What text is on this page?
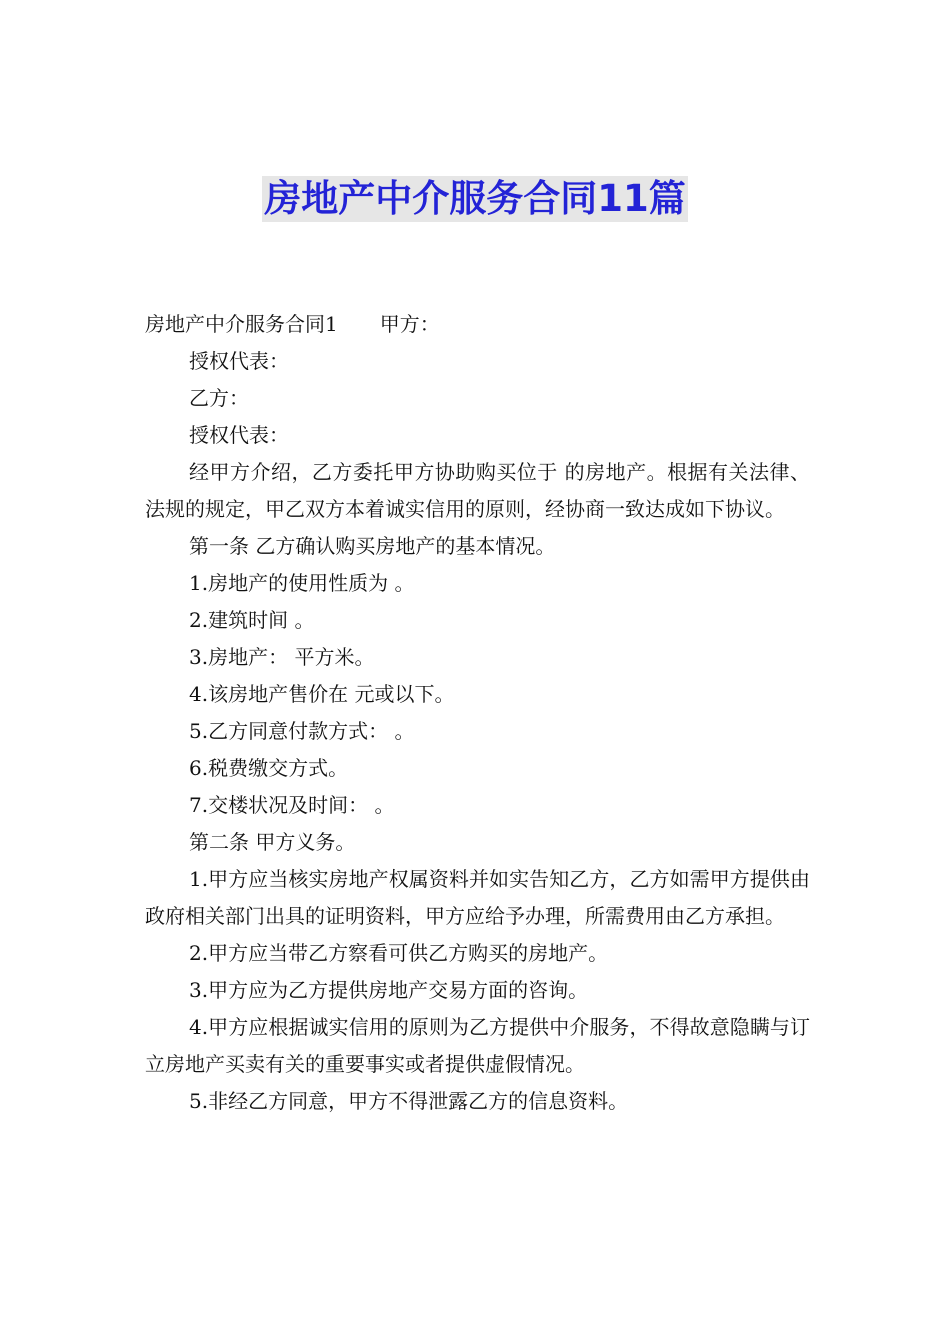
房地产中介服务合同11篇

房地产中介服务合同1 甲方：

授权代表：

乙方：

授权代表：

经甲方介绍，乙方委托甲方协助购买位于 的房地产。根据有关法律、法规的规定，甲乙双方本着诚实信用的原则，经协商一致达成如下协议。

第一条 乙方确认购买房地产的基本情况。

1.房地产的使用性质为 。

2.建筑时间 。

3.房地产： 平方米。

4.该房地产售价在 元或以下。

5.乙方同意付款方式： 。

6.税费缴交方式。

7.交楼状况及时间： 。

第二条 甲方义务。

1.甲方应当核实房地产权属资料并如实告知乙方，乙方如需甲方提供由政府相关部门出具的证明资料，甲方应给予办理，所需费用由乙方承担。

2.甲方应当带乙方察看可供乙方购买的房地产。

3.甲方应为乙方提供房地产交易方面的咨询。

4.甲方应根据诚实信用的原则为乙方提供中介服务，不得故意隐瞒与订立房地产买卖有关的重要事实或者提供虚假情况。

5.非经乙方同意，甲方不得泄露乙方的信息资料。
